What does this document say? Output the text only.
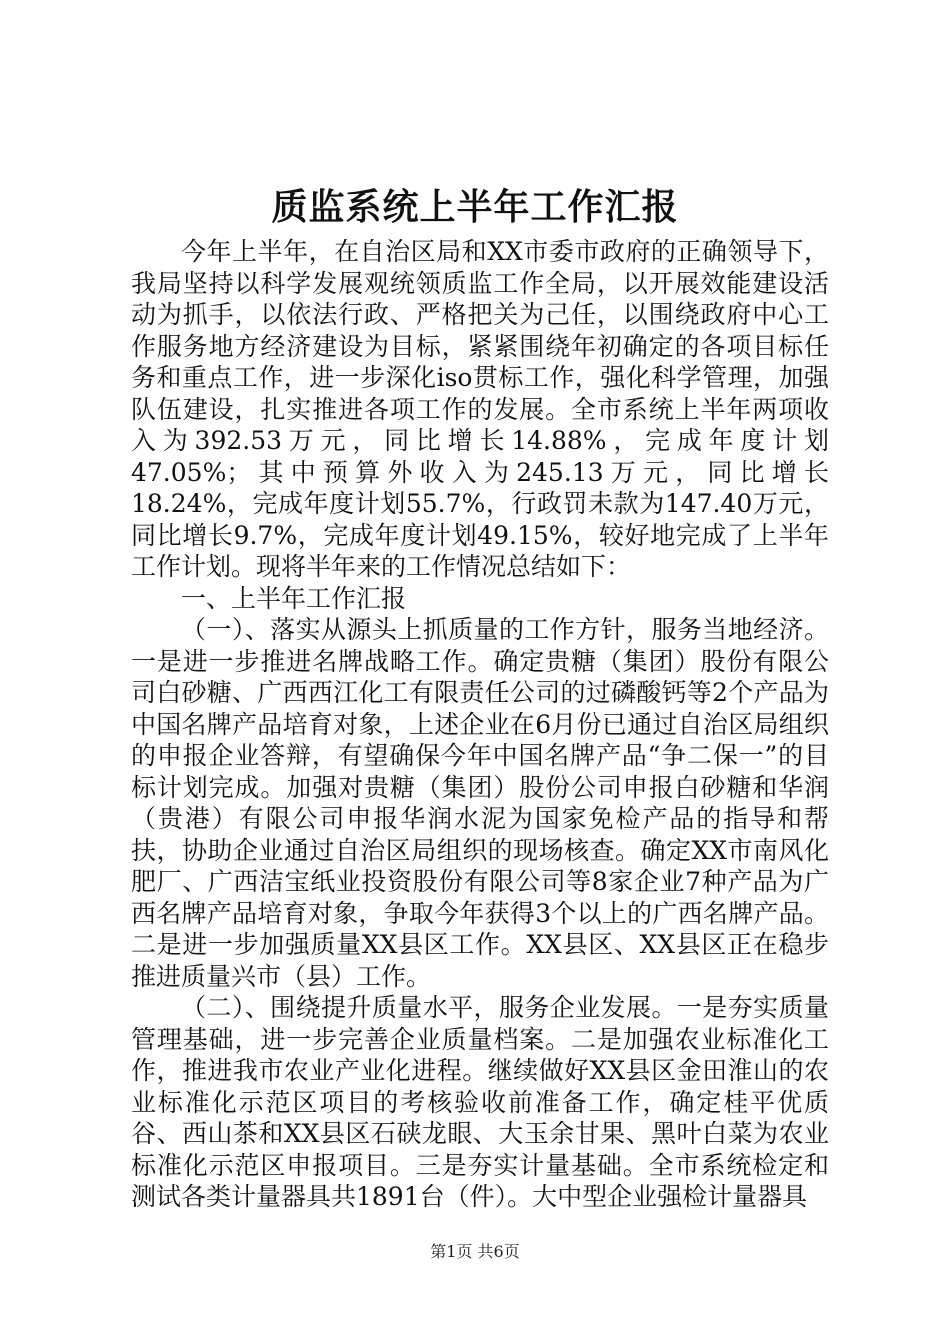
质监系统上半年工作汇报

今年上半年，在自治区局和XX市委市政府的正确领导下，我局坚持以科学发展观统领质监工作全局，以开展效能建设活动为抓手，以依法行政、严格把关为己任，以围绕政府中心工作服务地方经济建设为目标，紧紧围绕年初确定的各项目标任务和重点工作，进一步深化iso贯标工作，强化科学管理，加强队伍建设，扎实推进各项工作的发展。全市系统上半年两项收入为392.53万元，同比增长14.88%，完成年度计划47.05%；其中预算外收入为245.13万元，同比增长18.24%，完成年度计划55.7%，行政罚未款为147.40万元，同比增长9.7%，完成年度计划49.15%，较好地完成了上半年工作计划。现将半年来的工作情况总结如下：

一、上半年工作汇报

（一）、落实从源头上抓质量的工作方针，服务当地经济。一是进一步推进名牌战略工作。确定贵糖（集团）股份有限公司白砂糖、广西西江化工有限责任公司的过磷酸钙等2个产品为中国名牌产品培育对象，上述企业在6月份已通过自治区局组织的申报企业答辩，有望确保今年中国名牌产品“争二保一”的目标计划完成。加强对贵糖（集团）股份公司申报白砂糖和华润（贵港）有限公司申报华润水泥为国家免检产品的指导和帮扶，协助企业通过自治区局组织的现场核查。确定XX市南风化肥厂、广西洁宝纸业投资股份有限公司等8家企业7种产品为广西名牌产品培育对象，争取今年获得3个以上的广西名牌产品。二是进一步加强质量XX县区工作。XX县区、XX县区正在稳步推进质量兴市（县）工作。

（二）、围绕提升质量水平，服务企业发展。一是夯实质量管理基础，进一步完善企业质量档案。二是加强农业标准化工作，推进我市农业产业化进程。继续做好XX县区金田淮山的农业标准化示范区项目的考核验收前准备工作，确定桂平优质谷、西山茶和XX县区石硖龙眼、大玉余甘果、黑叶白菜为农业标准化示范区申报项目。三是夯实计量基础。全市系统检定和测试各类计量器具共1891台（件）。大中型企业强检计量器具

第1页 共6页
